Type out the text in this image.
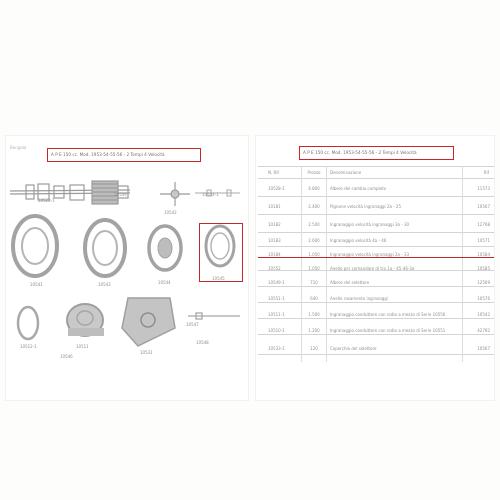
Bengala
A P E 150 cc. Mod. 1953-54-55-56 - 2 Tempi 4 Velocità
10528-1
10542
10541	10543	10544
10545
10534-1
10512-1	10511
10531
10547
A P E 150 cc. Mod. 1953-54-55-56 - 2 Tempi 4 Velocità
N. Rif.	Prezzo	Denominazione	Rif.
10528-1	4.800	Albero del cambio completo	11573
10181	2.400	Pignone velocità ingranaggi 2a - 25	10567
10182	2.500	Ingranaggio velocità ingranaggi 3a - 30	12768
10183	2.600	Ingranaggio velocità 4a - 46	10571
10184	1.050	Ingranaggio velocità ingranaggi 2a - 33	10584
10552	1.050	Anello per comandare di tra 1a - 45-46-3a	10585
10549-1	710	Albero del selettore	12569
10551-1	640	Anello rasamento ingranaggi	10576
10511-1	1.500	Ingranaggio conduttore con rodio a mezzo di Serie 10556	10542
10510-1	1.200	Ingranaggio conduttore con rodio a mezzo di Serie 10551	42792
10533-1	120	Coperchio del selettore	10567
10549
10546
10548
